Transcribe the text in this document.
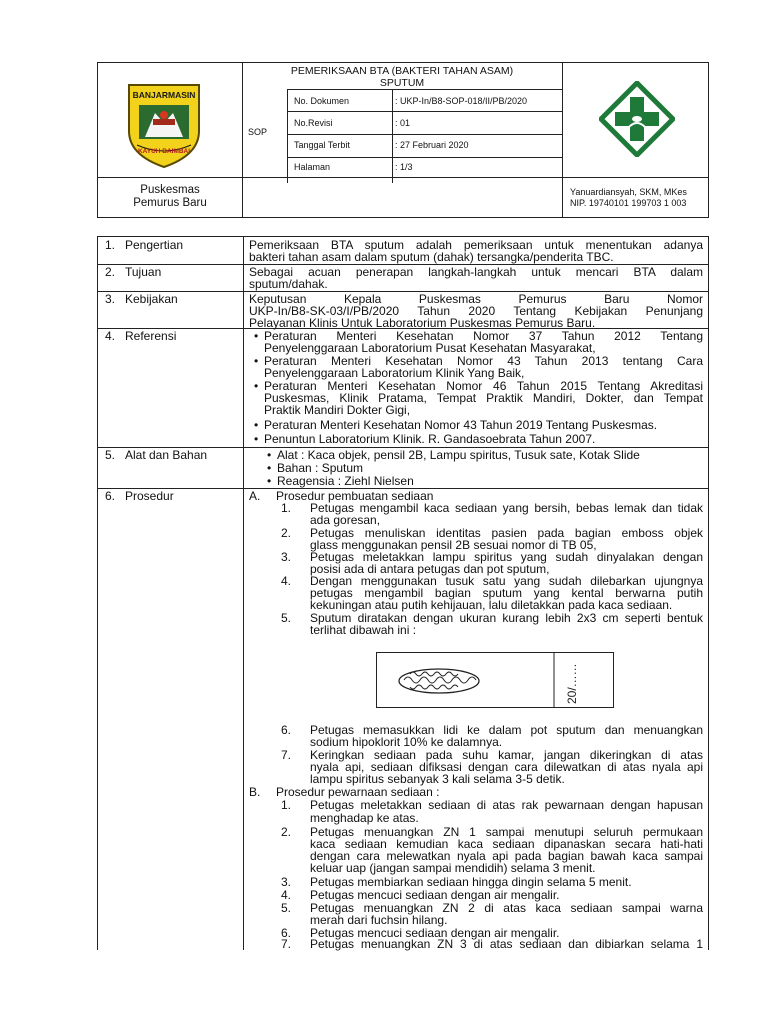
BANJARMASIN
KAYUH BAIMBAI
PEMERIKSAAN BTA (BAKTERI TAHAN ASAM)
SPUTUM
SOP
No. Dokumen	: UKP-In/B8-SOP-018/II/PB/2020
No.Revisi	: 01
Tanggal Terbit	: 27 Februari 2020
Halaman	: 1/3
Puskesmas
Pemurus Baru
Yanuardiansyah, SKM, MKes
NIP. 19740101 199703 1 003
1. Pengertian	Pemeriksaan BTA sputum adalah pemeriksaan untuk menentukan adanya
bakteri tahan asam dalam sputum (dahak) tersangka/penderita TBC.
2. Tujuan	Sebagai acuan penerapan langkah-langkah untuk mencari BTA dalam
sputum/dahak.
3. Kebijakan	Keputusan Kepala Puskesmas Pemurus Baru Nomor
UKP-In/B8-SK-03/I/PB/2020 Tahun 2020 Tentang Kebijakan Penunjang
Pelayanan Klinis Untuk Laboratorium Puskesmas Pemurus Baru.
4. Referensi	• Peraturan Menteri Kesehatan Nomor 37 Tahun 2012 Tentang
Penyelenggaraan Laboratorium Pusat Kesehatan Masyarakat,
• Peraturan Menteri Kesehatan Nomor 43 Tahun 2013 tentang Cara
Penyelenggaraan Laboratorium Klinik Yang Baik,
• Peraturan Menteri Kesehatan Nomor 46 Tahun 2015 Tentang Akreditasi
Puskesmas, Klinik Pratama, Tempat Praktik Mandiri, Dokter, dan Tempat
Praktik Mandiri Dokter Gigi,
• Peraturan Menteri Kesehatan Nomor 43 Tahun 2019 Tentang Puskesmas.
• Penuntun Laboratorium Klinik. R. Gandasoebrata Tahun 2007.
5. Alat dan Bahan	• Alat : Kaca objek, pensil 2B, Lampu spiritus, Tusuk sate, Kotak Slide
• Bahan : Sputum
• Reagensia : Ziehl Nielsen
6. Prosedur	A. Prosedur pembuatan sediaan
1. Petugas mengambil kaca sediaan yang bersih, bebas lemak dan tidak
ada goresan,
2. Petugas menuliskan identitas pasien pada bagian emboss objek
glass menggunakan pensil 2B sesuai nomor di TB 05,
3. Petugas meletakkan lampu spiritus yang sudah dinyalakan dengan
posisi ada di antara petugas dan pot sputum,
4. Dengan menggunakan tusuk satu yang sudah dilebarkan ujungnya
petugas mengambil bagian sputum yang kental berwarna putih
kekuningan atau putih kehijauan, lalu diletakkan pada kaca sediaan.
5. Sputum diratakan dengan ukuran kurang lebih 2x3 cm seperti bentuk
terlihat dibawah ini :
20/……
6. Petugas memasukkan lidi ke dalam pot sputum dan menuangkan
sodium hipoklorit 10% ke dalamnya.
7. Keringkan sediaan pada suhu kamar, jangan dikeringkan di atas
nyala api, sediaan difiksasi dengan cara dilewatkan di atas nyala api
lampu spiritus sebanyak 3 kali selama 3-5 detik.
B. Prosedur pewarnaan sediaan :
1. Petugas meletakkan sediaan di atas rak pewarnaan dengan hapusan
menghadap ke atas.
2. Petugas menuangkan ZN 1 sampai menutupi seluruh permukaan
kaca sediaan kemudian kaca sediaan dipanaskan secara hati-hati
dengan cara melewatkan nyala api pada bagian bawah kaca sampai
keluar uap (jangan sampai mendidih) selama 3 menit.
3. Petugas membiarkan sediaan hingga dingin selama 5 menit.
4. Petugas mencuci sediaan dengan air mengalir.
5. Petugas menuangkan ZN 2 di atas kaca sediaan sampai warna
merah dari fuchsin hilang.
6. Petugas mencuci sediaan dengan air mengalir.
7. Petugas menuangkan ZN 3 di atas sediaan dan dibiarkan selama 1
